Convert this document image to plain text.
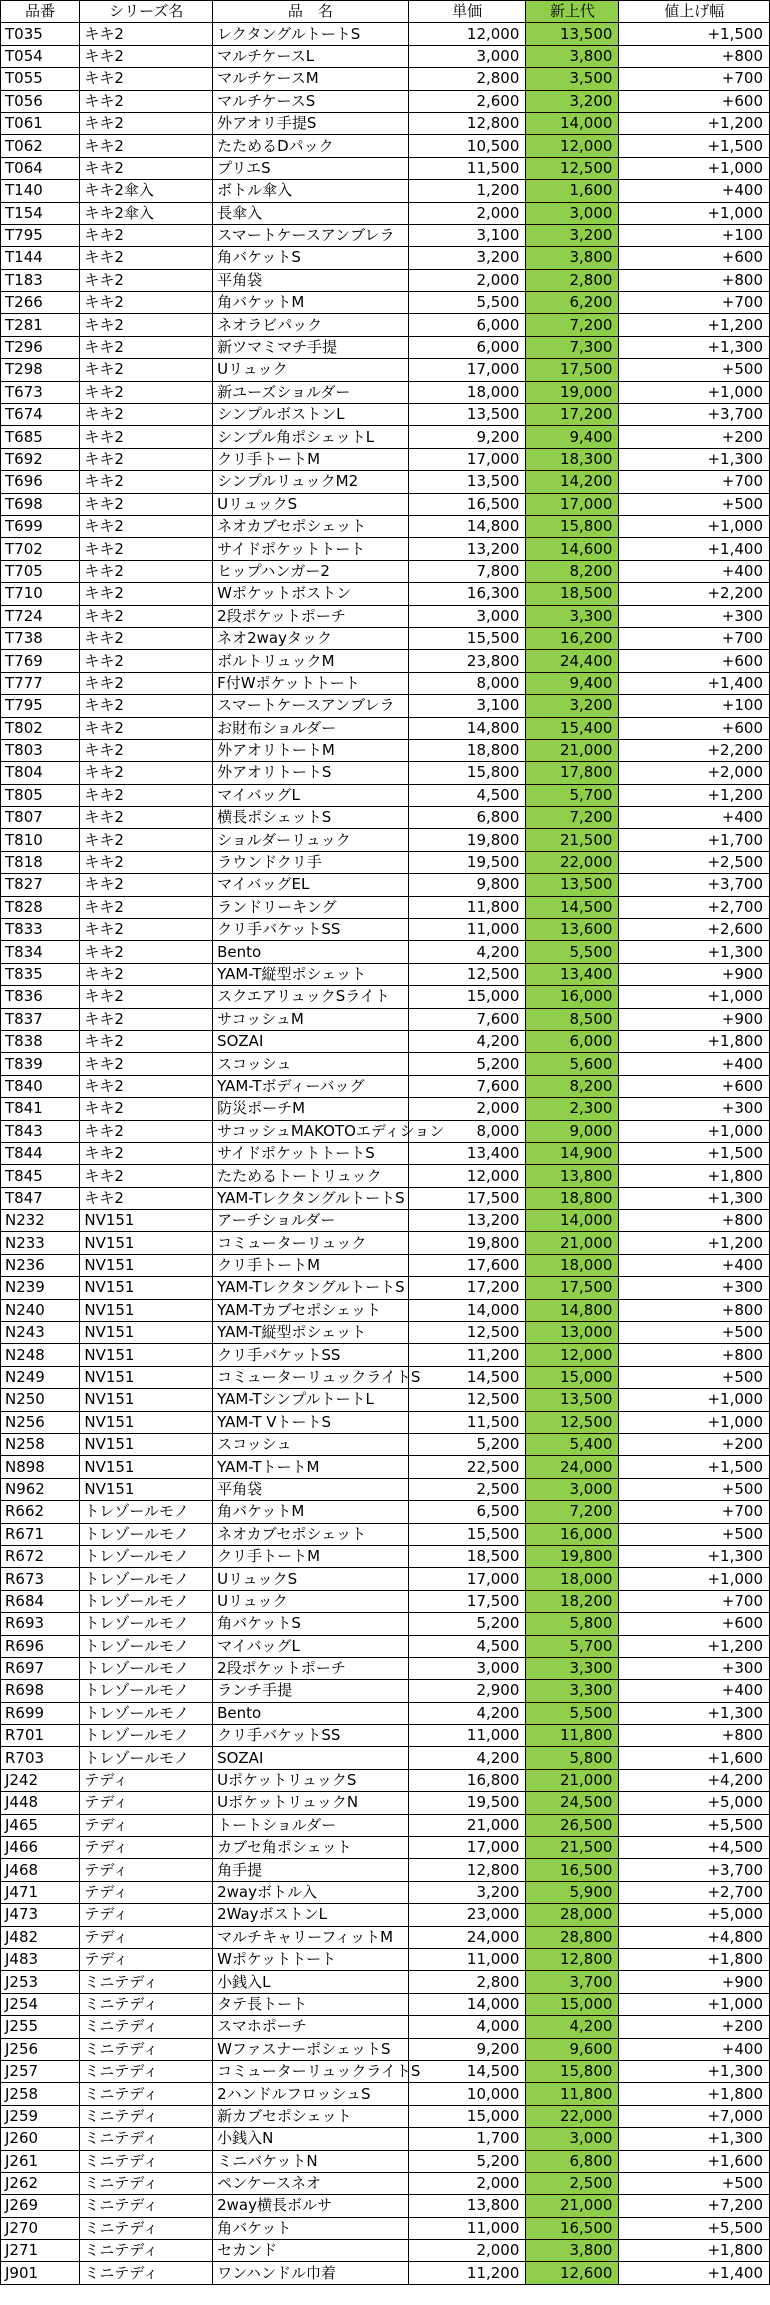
品番	シリーズ名	品　名	単価	新上代	値上げ幅
T035	キキ2	レクタングルトートS	12,000	13,500	+1,500
T054	キキ2	マルチケースL	3,000	3,800	+800
T055	キキ2	マルチケースM	2,800	3,500	+700
T056	キキ2	マルチケースS	2,600	3,200	+600
T061	キキ2	外アオリ手提S	12,800	14,000	+1,200
T062	キキ2	たためるDパック	10,500	12,000	+1,500
T064	キキ2	プリエS	11,500	12,500	+1,000
T140	キキ2傘入	ボトル傘入	1,200	1,600	+400
T154	キキ2傘入	長傘入	2,000	3,000	+1,000
T795	キキ2	スマートケースアンブレラ	3,100	3,200	+100
T144	キキ2	角バケットS	3,200	3,800	+600
T183	キキ2	平角袋	2,000	2,800	+800
T266	キキ2	角バケットM	5,500	6,200	+700
T281	キキ2	ネオラビパック	6,000	7,200	+1,200
T296	キキ2	新ツマミマチ手提	6,000	7,300	+1,300
T298	キキ2	Uリュック	17,000	17,500	+500
T673	キキ2	新ユーズショルダー	18,000	19,000	+1,000
T674	キキ2	シンプルボストンL	13,500	17,200	+3,700
T685	キキ2	シンプル角ポシェットL	9,200	9,400	+200
T692	キキ2	クリ手トートM	17,000	18,300	+1,300
T696	キキ2	シンプルリュックM2	13,500	14,200	+700
T698	キキ2	UリュックS	16,500	17,000	+500
T699	キキ2	ネオカブセポシェット	14,800	15,800	+1,000
T702	キキ2	サイドポケットトート	13,200	14,600	+1,400
T705	キキ2	ヒップハンガー2	7,800	8,200	+400
T710	キキ2	Wポケットボストン	16,300	18,500	+2,200
T724	キキ2	2段ポケットポーチ	3,000	3,300	+300
T738	キキ2	ネオ2wayタック	15,500	16,200	+700
T769	キキ2	ボルトリュックM	23,800	24,400	+600
T777	キキ2	F付Wポケットトート	8,000	9,400	+1,400
T795	キキ2	スマートケースアンブレラ	3,100	3,200	+100
T802	キキ2	お財布ショルダー	14,800	15,400	+600
T803	キキ2	外アオリトートM	18,800	21,000	+2,200
T804	キキ2	外アオリトートS	15,800	17,800	+2,000
T805	キキ2	マイバッグL	4,500	5,700	+1,200
T807	キキ2	横長ポシェットS	6,800	7,200	+400
T810	キキ2	ショルダーリュック	19,800	21,500	+1,700
T818	キキ2	ラウンドクリ手	19,500	22,000	+2,500
T827	キキ2	マイバッグEL	9,800	13,500	+3,700
T828	キキ2	ランドリーキング	11,800	14,500	+2,700
T833	キキ2	クリ手バケットSS	11,000	13,600	+2,600
T834	キキ2	Bento	4,200	5,500	+1,300
T835	キキ2	YAM-T縦型ポシェット	12,500	13,400	+900
T836	キキ2	スクエアリュックSライト	15,000	16,000	+1,000
T837	キキ2	サコッシュM	7,600	8,500	+900
T838	キキ2	SOZAI	4,200	6,000	+1,800
T839	キキ2	スコッシュ	5,200	5,600	+400
T840	キキ2	YAM-Tボディーバッグ	7,600	8,200	+600
T841	キキ2	防災ポーチM	2,000	2,300	+300
T843	キキ2	サコッシュMAKOTOエディション	8,000	9,000	+1,000
T844	キキ2	サイドポケットトートS	13,400	14,900	+1,500
T845	キキ2	たためるトートリュック	12,000	13,800	+1,800
T847	キキ2	YAM-TレクタングルトートS	17,500	18,800	+1,300
N232	NV151	アーチショルダー	13,200	14,000	+800
N233	NV151	コミューターリュック	19,800	21,000	+1,200
N236	NV151	クリ手トートM	17,600	18,000	+400
N239	NV151	YAM-TレクタングルトートS	17,200	17,500	+300
N240	NV151	YAM-Tカブセポシェット	14,000	14,800	+800
N243	NV151	YAM-T縦型ポシェット	12,500	13,000	+500
N248	NV151	クリ手バケットSS	11,200	12,000	+800
N249	NV151	コミューターリュックライトS	14,500	15,000	+500
N250	NV151	YAM-TシンプルトートL	12,500	13,500	+1,000
N256	NV151	YAM-T VトートS	11,500	12,500	+1,000
N258	NV151	スコッシュ	5,200	5,400	+200
N898	NV151	YAM-TトートM	22,500	24,000	+1,500
N962	NV151	平角袋	2,500	3,000	+500
R662	トレゾールモノ	角バケットM	6,500	7,200	+700
R671	トレゾールモノ	ネオカブセポシェット	15,500	16,000	+500
R672	トレゾールモノ	クリ手トートM	18,500	19,800	+1,300
R673	トレゾールモノ	UリュックS	17,000	18,000	+1,000
R684	トレゾールモノ	Uリュック	17,500	18,200	+700
R693	トレゾールモノ	角バケットS	5,200	5,800	+600
R696	トレゾールモノ	マイバッグL	4,500	5,700	+1,200
R697	トレゾールモノ	2段ポケットポーチ	3,000	3,300	+300
R698	トレゾールモノ	ランチ手提	2,900	3,300	+400
R699	トレゾールモノ	Bento	4,200	5,500	+1,300
R701	トレゾールモノ	クリ手バケットSS	11,000	11,800	+800
R703	トレゾールモノ	SOZAI	4,200	5,800	+1,600
J242	テディ	UポケットリュックS	16,800	21,000	+4,200
J448	テディ	UポケットリュックN	19,500	24,500	+5,000
J465	テディ	トートショルダー	21,000	26,500	+5,500
J466	テディ	カブセ角ポシェット	17,000	21,500	+4,500
J468	テディ	角手提	12,800	16,500	+3,700
J471	テディ	2wayボトル入	3,200	5,900	+2,700
J473	テディ	2WayボストンL	23,000	28,000	+5,000
J482	テディ	マルチキャリーフィットM	24,000	28,800	+4,800
J483	テディ	Wポケットトート	11,000	12,800	+1,800
J253	ミニテディ	小銭入L	2,800	3,700	+900
J254	ミニテディ	タテ長トート	14,000	15,000	+1,000
J255	ミニテディ	スマホポーチ	4,000	4,200	+200
J256	ミニテディ	WファスナーポシェットS	9,200	9,600	+400
J257	ミニテディ	コミューターリュックライトS	14,500	15,800	+1,300
J258	ミニテディ	2ハンドルフロッシュS	10,000	11,800	+1,800
J259	ミニテディ	新カブセポシェット	15,000	22,000	+7,000
J260	ミニテディ	小銭入N	1,700	3,000	+1,300
J261	ミニテディ	ミニバケットN	5,200	6,800	+1,600
J262	ミニテディ	ペンケースネオ	2,000	2,500	+500
J269	ミニテディ	2way横長ボルサ	13,800	21,000	+7,200
J270	ミニテディ	角バケット	11,000	16,500	+5,500
J271	ミニテディ	セカンド	2,000	3,800	+1,800
J901	ミニテディ	ワンハンドル巾着	11,200	12,600	+1,400
